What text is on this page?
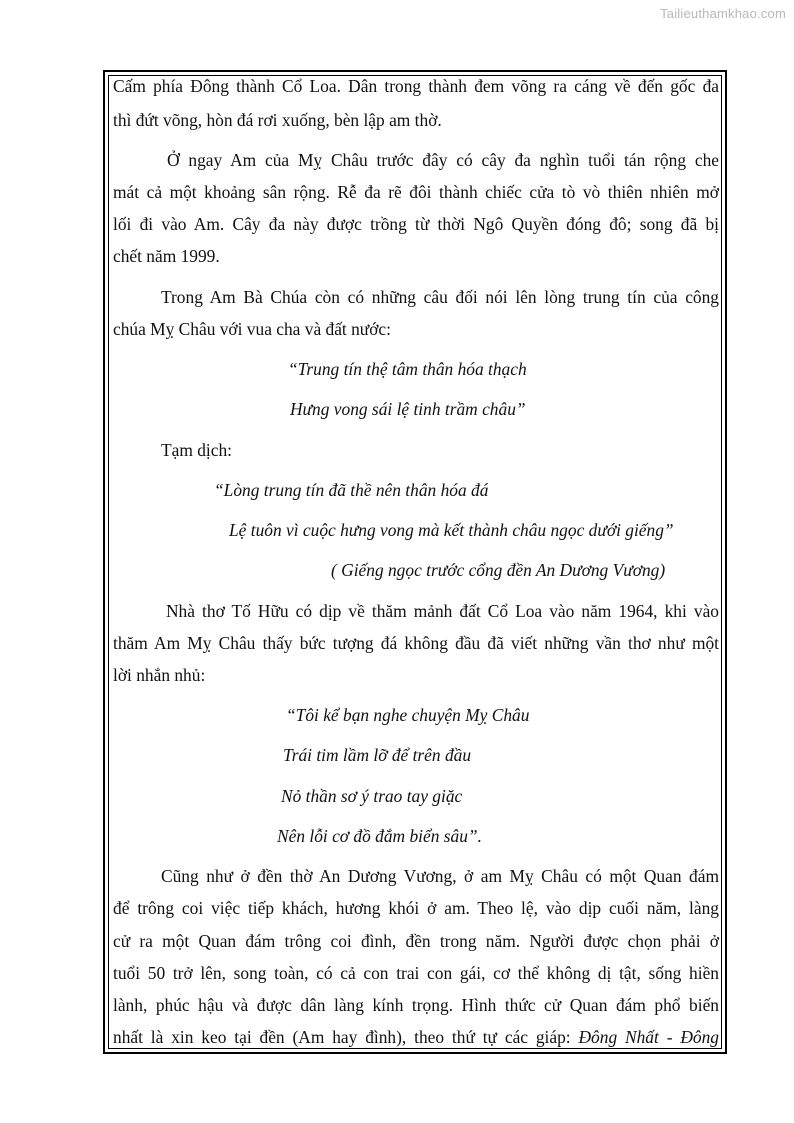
Tailieuthamkhao.com
Cấm phía Đông thành Cổ Loa. Dân trong thành đem võng ra cáng về đến gốc đa
thì đứt võng, hòn đá rơi xuống, bèn lập am thờ.
Ở ngay Am của Mỵ Châu trước đây có cây đa nghìn tuổi tán rộng che
mát cả một khoảng sân rộng. Rễ đa rẽ đôi thành chiếc cửa tò vò thiên nhiên mở
lối đi vào Am. Cây đa này được trồng từ thời Ngô Quyền đóng đô; song đã bị
chết năm 1999.
Trong Am Bà Chúa còn có những câu đối nói lên lòng trung tín của công
chúa Mỵ Châu với vua cha và đất nước:
“Trung tín thệ tâm thân hóa thạch
Hưng vong sái lệ tinh trầm châu”
Tạm dịch:
“Lòng trung tín đã thề nên thân hóa đá
Lệ tuôn vì cuộc hưng vong mà kết thành châu ngọc dưới giếng”
( Giếng ngọc trước cổng đền An Dương Vương)
Nhà thơ Tố Hữu có dịp về thăm mảnh đất Cổ Loa vào năm 1964, khi vào
thăm Am Mỵ Châu thấy bức tượng đá không đầu đã viết những vần thơ như một
lời nhắn nhủ:
“Tôi kể bạn nghe chuyện Mỵ Châu
Trái tim lầm lỡ để trên đầu
Nỏ thần sơ ý trao tay giặc
Nên lỗi cơ đồ đắm biển sâu”.
Cũng như ở đền thờ An Dương Vương, ở am Mỵ Châu có một Quan đám
để trông coi việc tiếp khách, hương khói ở am. Theo lệ, vào dịp cuối năm, làng
cử ra một Quan đám trông coi đình, đền trong năm. Người được chọn phải ở
tuổi 50 trở lên, song toàn, có cả con trai con gái, cơ thể không dị tật, sống hiền
lành, phúc hậu và được dân làng kính trọng. Hình thức cử Quan đám phổ biến
nhất là xin keo tại đền (Am hay đình), theo thứ tự các giáp: Đông Nhất - Đông
